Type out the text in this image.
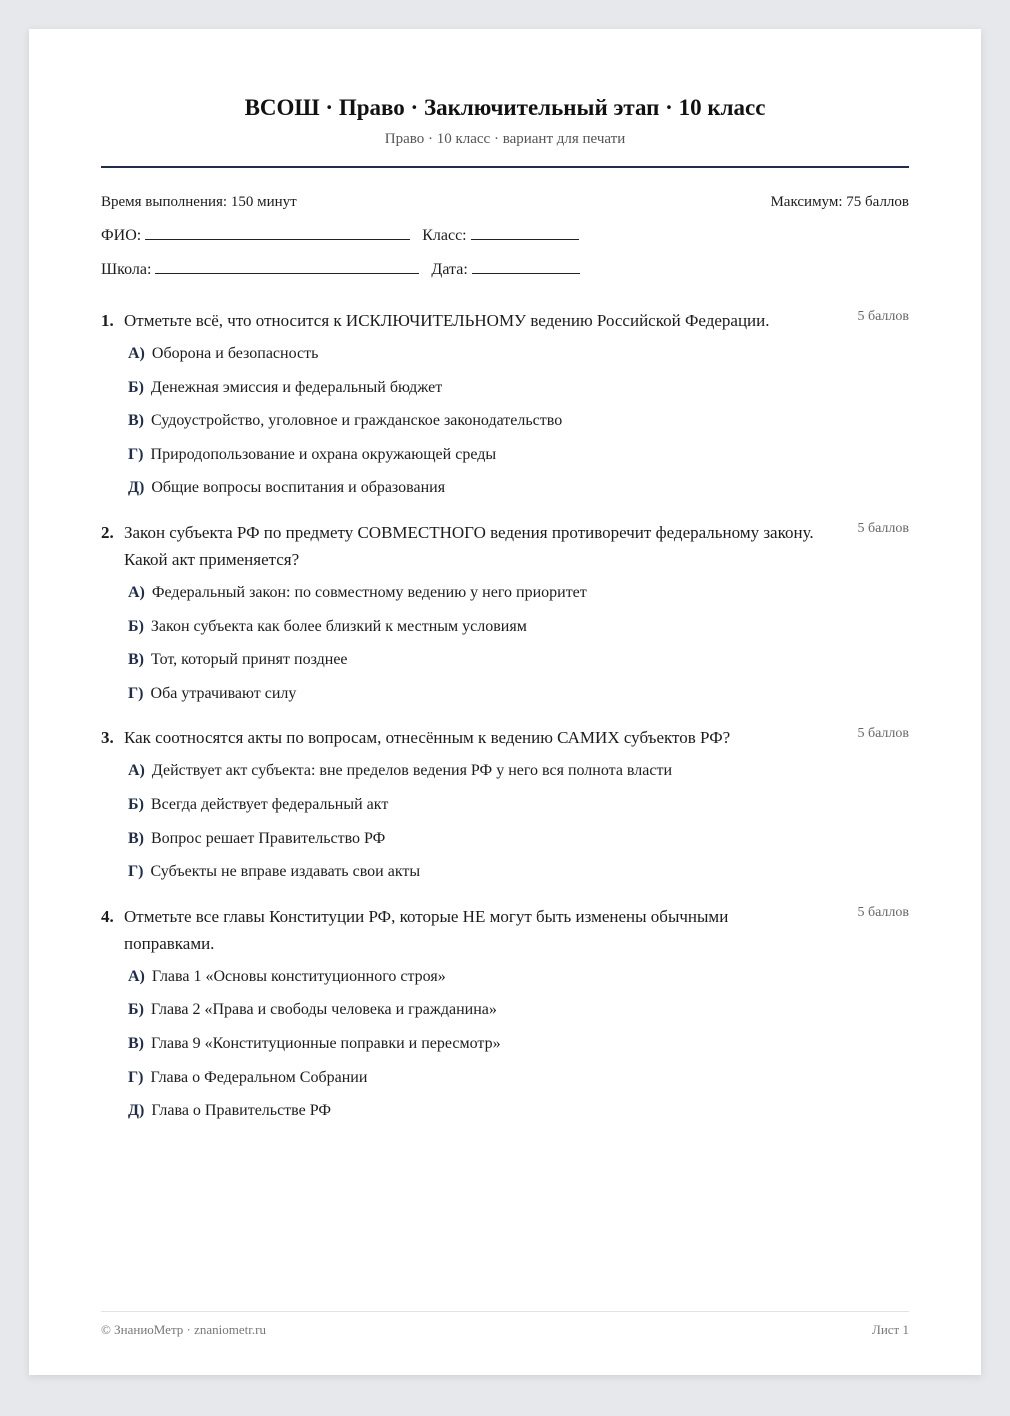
ВСОШ · Право · Заключительный этап · 10 класс
Право · 10 класс · вариант для печати
Время выполнения: 150 минут	Максимум: 75 баллов
ФИО:	Класс:
Школа:	Дата:
1. Отметьте всё, что относится к ИСКЛЮЧИТЕЛЬНОМУ ведению Российской Федерации.	5 баллов
А) Оборона и безопасность
Б) Денежная эмиссия и федеральный бюджет
В) Судоустройство, уголовное и гражданское законодательство
Г) Природопользование и охрана окружающей среды
Д) Общие вопросы воспитания и образования
2. Закон субъекта РФ по предмету СОВМЕСТНОГО ведения противоречит федеральному закону. Какой акт применяется?
5 баллов
А) Федеральный закон: по совместному ведению у него приоритет
Б) Закон субъекта как более близкий к местным условиям
В) Тот, который принят позднее
Г) Оба утрачивают силу
3. Как соотносятся акты по вопросам, отнесённым к ведению САМИХ субъектов РФ?	5 баллов
А) Действует акт субъекта: вне пределов ведения РФ у него вся полнота власти
Б) Всегда действует федеральный акт
В) Вопрос решает Правительство РФ
Г) Субъекты не вправе издавать свои акты
4. Отметьте все главы Конституции РФ, которые НЕ могут быть изменены обычными поправками.
5 баллов
А) Глава 1 «Основы конституционного строя»
Б) Глава 2 «Права и свободы человека и гражданина»
В) Глава 9 «Конституционные поправки и пересмотр»
Г) Глава о Федеральном Собрании
Д) Глава о Правительстве РФ
© ЗнаниоМетр · znaniometr.ru	Лист 1
